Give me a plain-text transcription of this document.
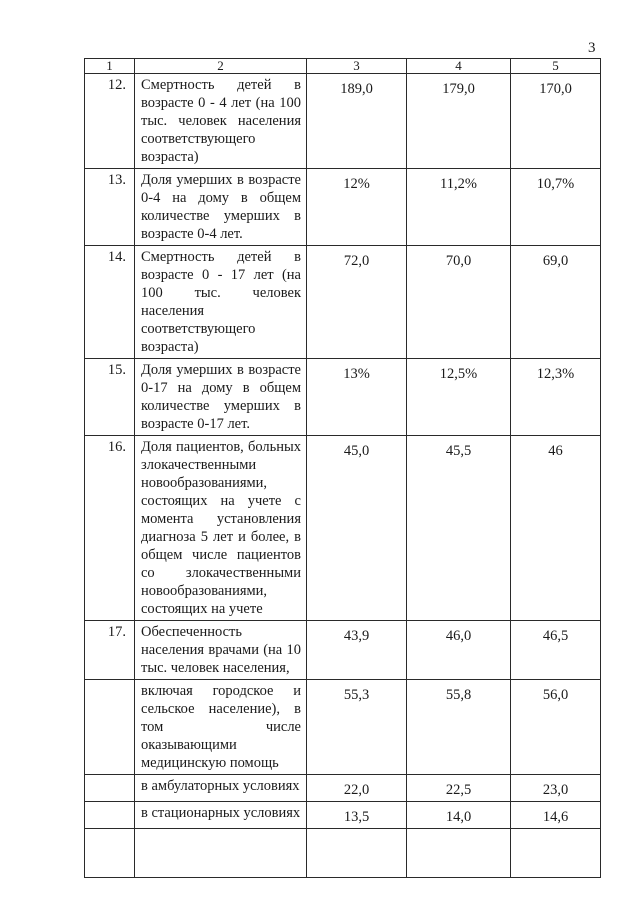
3
1	2	3	4	5
12.	Смертность детей в возрасте 0 - 4 лет (на 100 тыс. человек населения соответствующего возраста)	189,0	179,0	170,0
13.	Доля умерших в возрасте 0-4 на дому в общем количестве умерших в возрасте 0-4 лет.	12%	11,2%	10,7%
14.	Смертность детей в возрасте 0 - 17 лет (на 100 тыс. человек населения соответствующего возраста)	72,0	70,0	69,0
15.	Доля умерших в возрасте 0-17 на дому в общем количестве умерших в возрасте 0-17 лет.	13%	12,5%	12,3%
16.	Доля пациентов, больных злокачественными новообразованиями, состоящих на учете с момента установления диагноза 5 лет и более, в общем числе пациентов со злокачественными новообразованиями, состоящих на учете	45,0	45,5	46
17.	Обеспеченность населения врачами (на 10 тыс. человек населения,	43,9	46,0	46,5
	включая городское и сельское население), в том числе оказывающими медицинскую помощь	55,3	55,8	56,0
	в амбулаторных условиях	22,0	22,5	23,0
	в стационарных условиях	13,5	14,0	14,6
